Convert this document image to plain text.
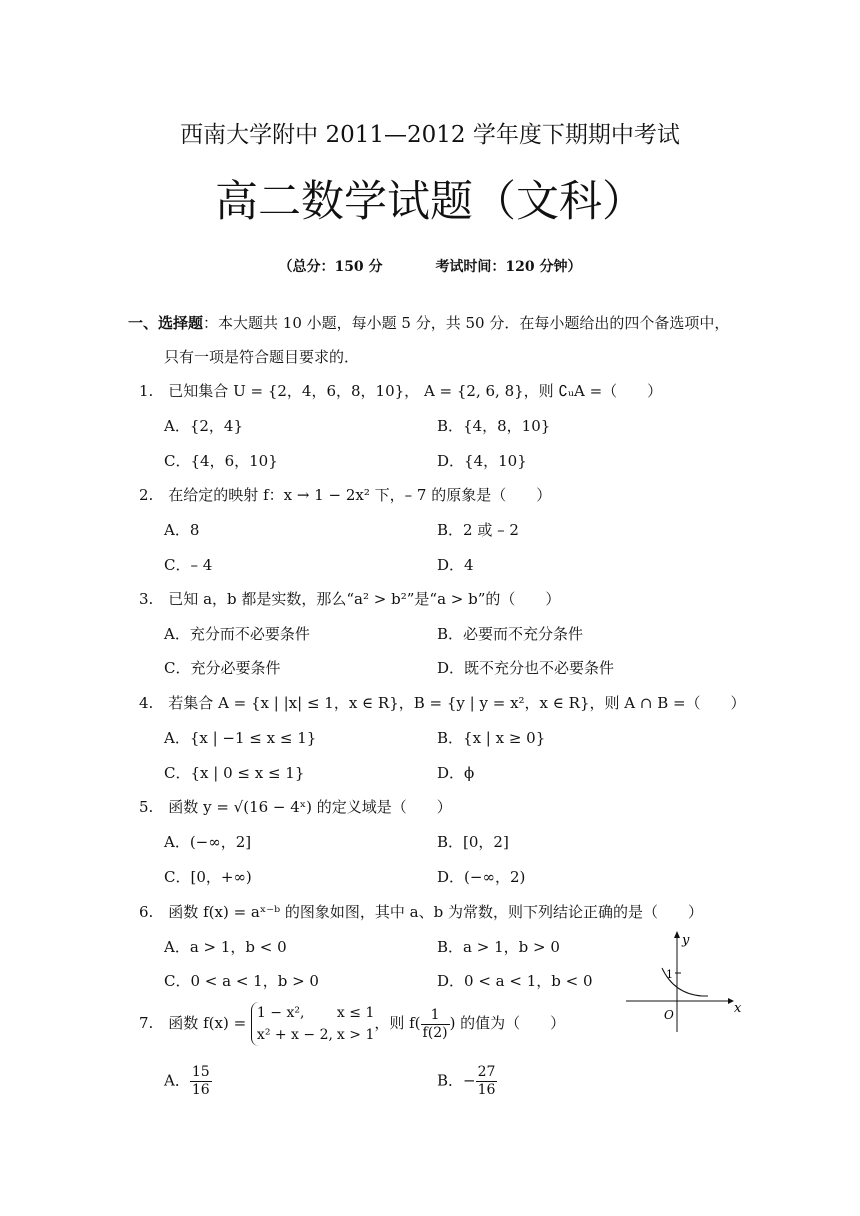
西南大学附中 2011—2012 学年度下期期中考试
高二数学试题（文科）
（总分：150 分	考试时间：120 分钟）
一、选择题：本大题共 10 小题，每小题 5 分，共 50 分．在每小题给出的四个备选项中，
只有一项是符合题目要求的．
1.　已知集合 U = {2，4，6，8，10}， A = {2, 6, 8}，则 ∁ᵤA =（　　）
A．{2，4}	B．{4，8，10}
C．{4，6，10}	D．{4，10}
2.　在给定的映射 f：x → 1 − 2x² 下，– 7 的原象是（　　）
A．8	B．2 或 – 2
C．– 4	D．4
3.　已知 a，b 都是实数，那么“a² > b²”是“a > b”的（　　）
A．充分而不必要条件	B．必要而不充分条件
C．充分必要条件	D．既不充分也不必要条件
4.　若集合 A = {x | |x| ≤ 1，x ∈ R}，B = {y | y = x²，x ∈ R}，则 A ∩ B =（　　）
A．{x | −1 ≤ x ≤ 1}	B．{x | x ≥ 0}
C．{x | 0 ≤ x ≤ 1}	D．ϕ
5.　函数 y = √(16 − 4ˣ) 的定义域是（　　）
A．(−∞，2]	B．[0，2]
C．[0，+∞)	D．(−∞，2)
6.　函数 f(x) = aˣ⁻ᵇ 的图象如图，其中 a、b 为常数，则下列结论正确的是（　　）
A．a > 1，b < 0	B．a > 1，b > 0
C．0 < a < 1，b > 0	D．0 < a < 1，b < 0
y
x
O
1
7.　函数 f(x) =
1 − x², x ≤ 1
x² + x − 2, x > 1
，则 $f( \frac{1}{f(2)}$ ) 的值为（　　）
A． $\frac{15}{16}$	B．− $\frac{27}{16}$
